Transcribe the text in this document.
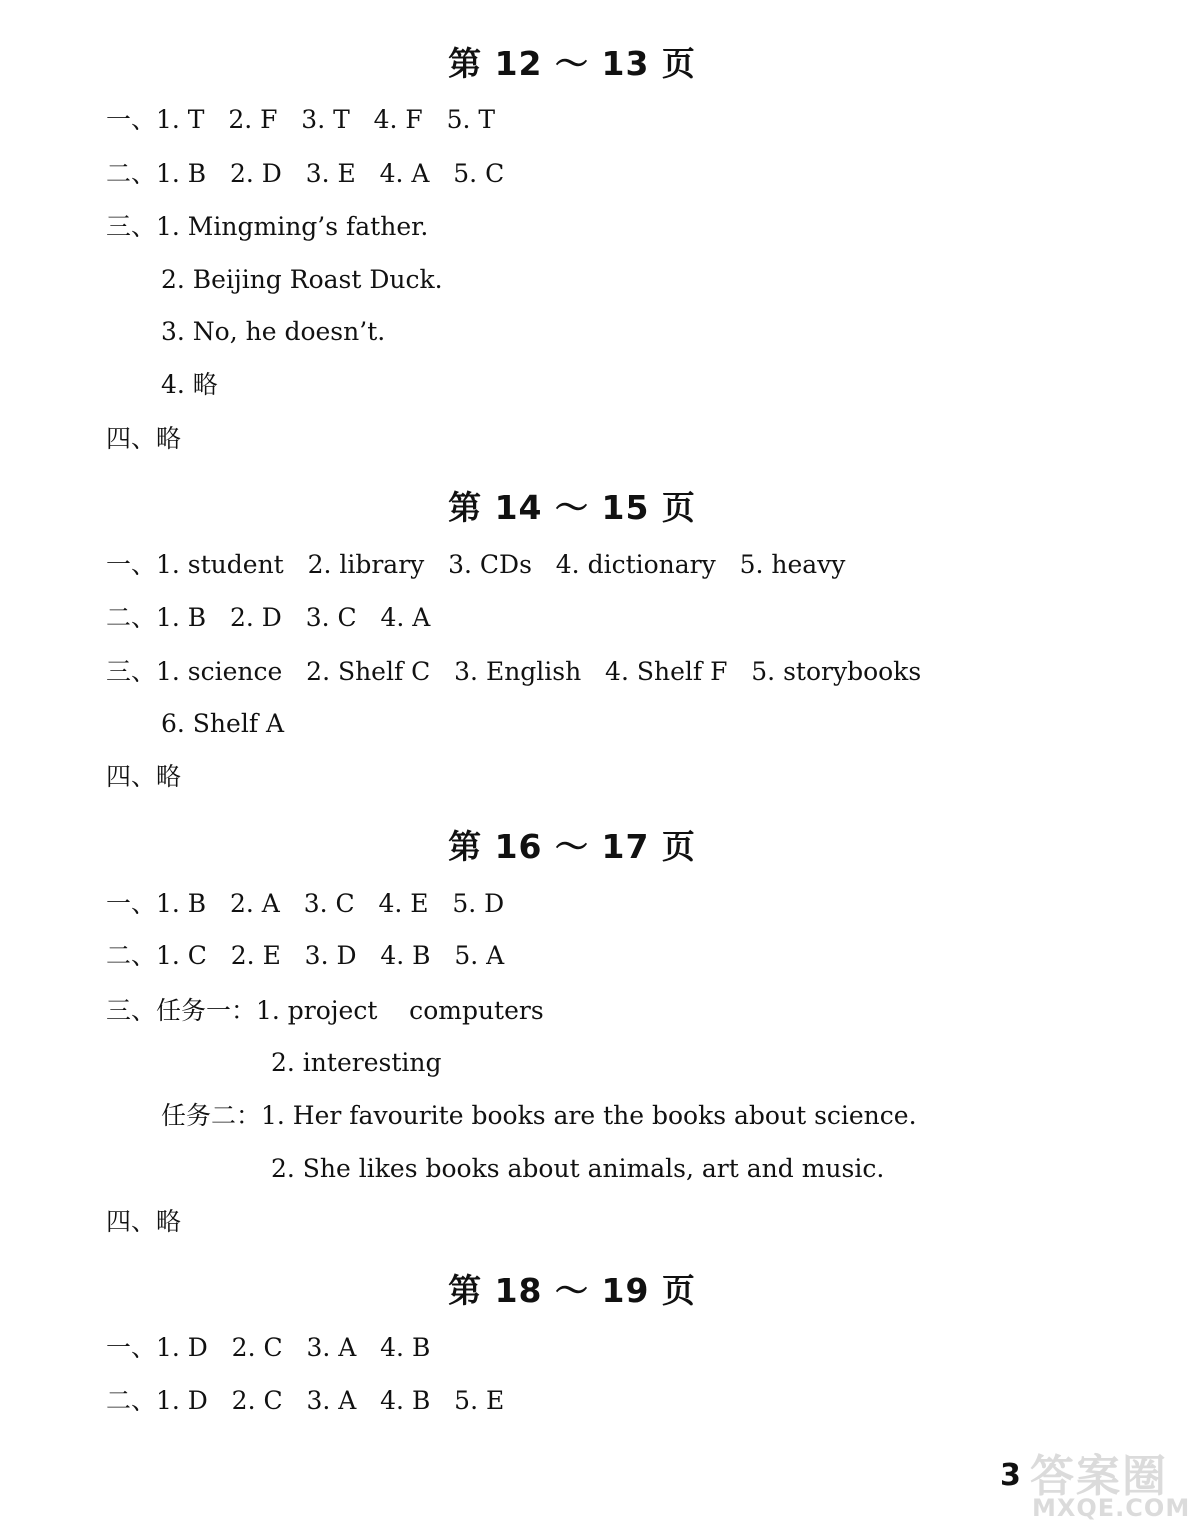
第 12 ～ 13 页
一、1. T   2. F   3. T   4. F   5. T
二、1. B   2. D   3. E   4. A   5. C
三、1. Mingming’s father.
2. Beijing Roast Duck.
3. No, he doesn’t.
4. 略
四、略
第 14 ～ 15 页
一、1. student   2. library   3. CDs   4. dictionary   5. heavy
二、1. B   2. D   3. C   4. A
三、1. science   2. Shelf C   3. English   4. Shelf F   5. storybooks
6. Shelf A
四、略
第 16 ～ 17 页
一、1. B   2. A   3. C   4. E   5. D
二、1. C   2. E   3. D   4. B   5. A
三、任务一：1. project    computers
2. interesting
任务二：1. Her favourite books are the books about science.
2. She likes books about animals, art and music.
四、略
第 18 ～ 19 页
一、1. D   2. C   3. A   4. B
二、1. D   2. C   3. A   4. B   5. E
答案圈
MXQE.COM
3
